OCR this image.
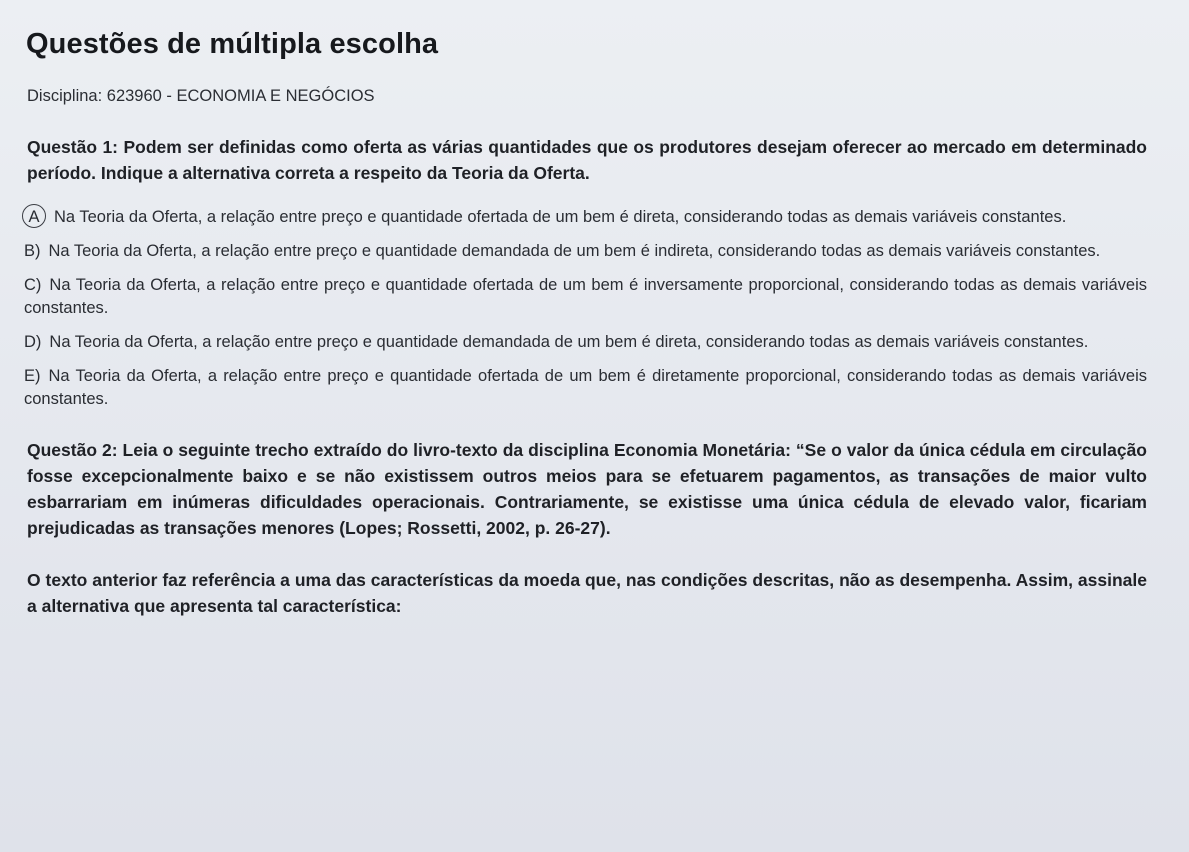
Questões de múltipla escolha
Disciplina: 623960 - ECONOMIA E NEGÓCIOS

Questão 1: Podem ser definidas como oferta as várias quantidades que os produtores desejam oferecer ao mercado em determinado período. Indique a alternativa correta a respeito da Teoria da Oferta.

A Na Teoria da Oferta, a relação entre preço e quantidade ofertada de um bem é direta, considerando todas as demais variáveis constantes.
B) Na Teoria da Oferta, a relação entre preço e quantidade demandada de um bem é indireta, considerando todas as demais variáveis constantes.
C) Na Teoria da Oferta, a relação entre preço e quantidade ofertada de um bem é inversamente proporcional, considerando todas as demais variáveis constantes.
D) Na Teoria da Oferta, a relação entre preço e quantidade demandada de um bem é direta, considerando todas as demais variáveis constantes.
E) Na Teoria da Oferta, a relação entre preço e quantidade ofertada de um bem é diretamente proporcional, considerando todas as demais variáveis constantes.

Questão 2: Leia o seguinte trecho extraído do livro-texto da disciplina Economia Monetária: “Se o valor da única cédula em circulação fosse excepcionalmente baixo e se não existissem outros meios para se efetuarem pagamentos, as transações de maior vulto esbarrariam em inúmeras dificuldades operacionais. Contrariamente, se existisse uma única cédula de elevado valor, ficariam prejudicadas as transações menores (Lopes; Rossetti, 2002, p. 26-27).

O texto anterior faz referência a uma das características da moeda que, nas condições descritas, não as desempenha. Assim, assinale a alternativa que apresenta tal característica:
